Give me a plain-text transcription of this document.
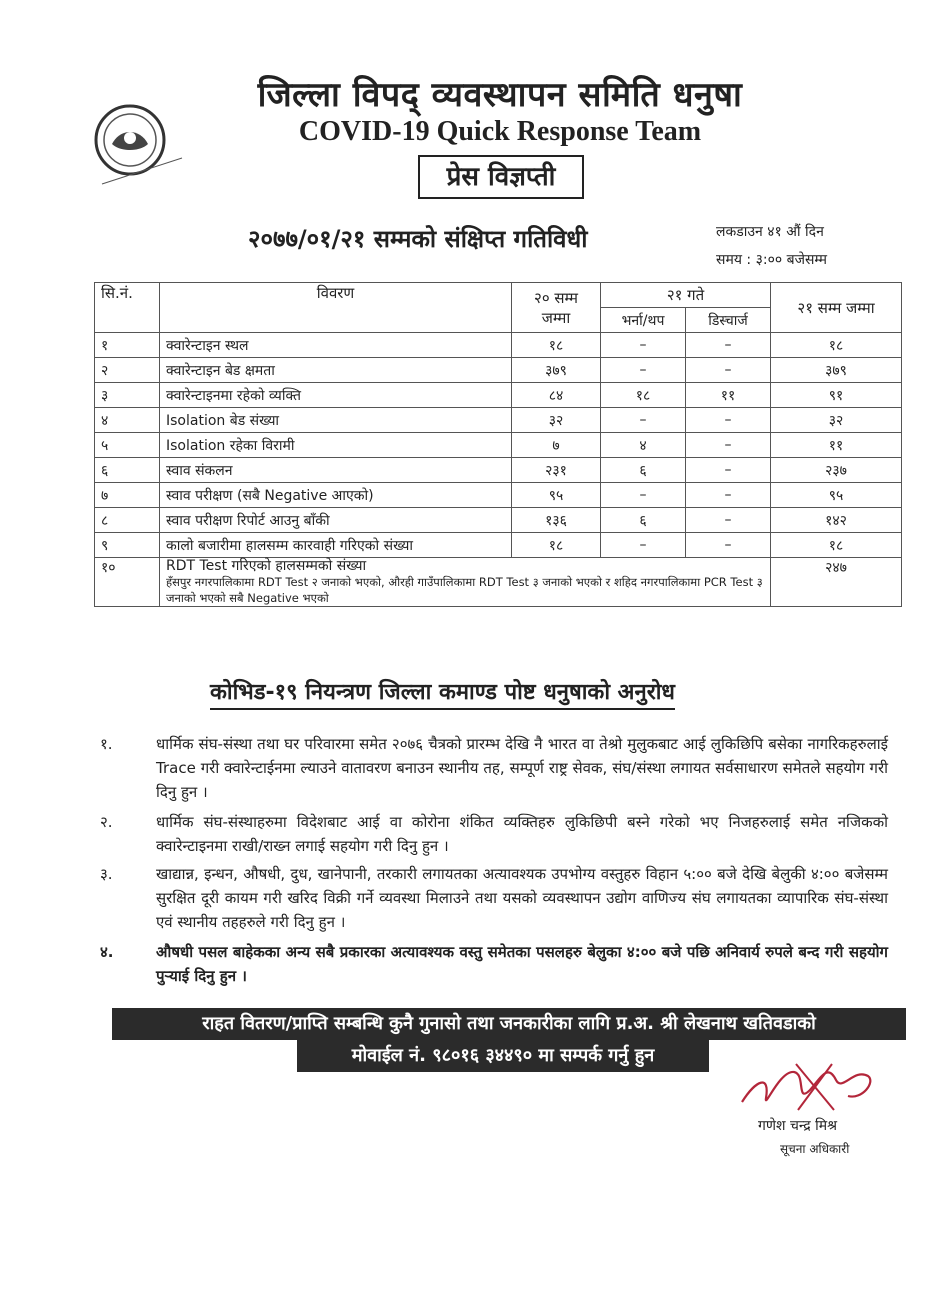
जिल्ला विपद् व्यवस्थापन समिति धनुषा
COVID-19 Quick Response Team
प्रेस विज्ञप्ती
२०७७/०१/२१ सम्मको संक्षिप्त गतिविधी	लकडाउन ४१ औं दिन
समय : ३:०० बजेसम्म
सि.नं.	विवरण	२० सम्म जम्मा	२१ गते		२१ सम्म जम्मा
			भर्ना/थप	डिस्चार्ज	
१	क्वारेन्टाइन स्थल	१८	–	–	१८
२	क्वारेन्टाइन बेड क्षमता	३७९	–	–	३७९
३	क्वारेन्टाइनमा रहेको व्यक्ति	८४	१८	११	९१
४	Isolation बेड संख्या	३२	–	–	३२
५	Isolation रहेका विरामी	७	४	–	११
६	स्वाव संकलन	२३१	६	–	२३७
७	स्वाव परीक्षण (सबै Negative आएको)	९५	–	–	९५
८	स्वाव परीक्षण रिपोर्ट आउनु बाँकी	१३६	६	–	१४२
९	कालो बजारीमा हालसम्म कारवाही गरिएको संख्या	१८	–	–	१८
१०	RDT Test गरिएको हालसम्मको संख्या
हँसपुर नगरपालिकामा RDT Test २ जनाको भएको, औरही गाउँपालिकामा RDT Test ३ जनाको भएको र शहिद नगरपालिकामा PCR Test ३ जनाको भएको सबै Negative भएको				२४७
कोभिड-१९ नियन्त्रण जिल्ला कमाण्ड पोष्ट धनुषाको अनुरोध
१.	धार्मिक संघ-संस्था तथा घर परिवारमा समेत २०७६ चैत्रको प्रारम्भ देखि नै भारत वा तेश्रो मुलुकबाट आई लुकिछिपि बसेका नागरिकहरुलाई Trace गरी क्वारेन्टाईनमा ल्याउने वातावरण बनाउन स्थानीय तह, सम्पूर्ण राष्ट्र सेवक, संघ/संस्था लगायत सर्वसाधारण समेतले सहयोग गरी दिनु हुन ।
२.	धार्मिक संघ-संस्थाहरुमा विदेशबाट आई वा कोरोना शंकित व्यक्तिहरु लुकिछिपी बस्ने गरेको भए निजहरुलाई समेत नजिकको क्वारेन्टाइनमा राखी/राख्न लगाई सहयोग गरी दिनु हुन ।
३.	खाद्यान्न, इन्धन, औषधी, दुध, खानेपानी, तरकारी लगायतका अत्यावश्यक उपभोग्य वस्तुहरु विहान ५:०० बजे देखि बेलुकी ४:०० बजेसम्म सुरक्षित दूरी कायम गरी खरिद विक्री गर्ने व्यवस्था मिलाउने तथा यसको व्यवस्थापन उद्योग वाणिज्य संघ लगायतका व्यापारिक संघ-संस्था एवं स्थानीय तहहरुले गरी दिनु हुन ।
४.	औषधी पसल बाहेकका अन्य सबै प्रकारका अत्यावश्यक वस्तु समेतका पसलहरु बेलुका ४:०० बजे पछि अनिवार्य रुपले बन्द गरी सहयोग पुऱ्याई दिनु हुन ।
राहत वितरण/प्राप्ति सम्बन्धि कुनै गुनासो तथा जनकारीका लागि प्र.अ. श्री लेखनाथ खतिवडाको
मोवाईल नं. ९८०१६ ३४४९० मा सम्पर्क गर्नु हुन
गणेश चन्द्र मिश्र
सूचना अधिकारी
